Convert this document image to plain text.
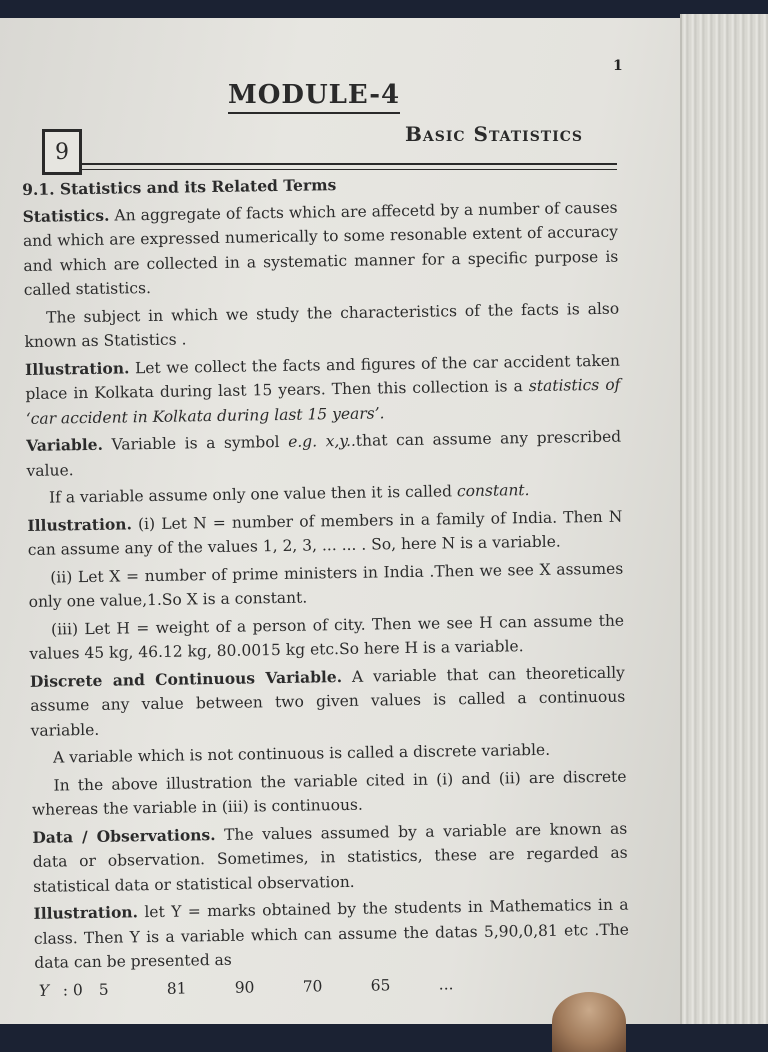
1
MODULE-4
9
Basic Statistics

9.1. Statistics and its Related Terms

Statistics. An aggregate of facts which are affecetd by a number of causes and which are expressed numerically to some resonable extent of accuracy and which are collected in a systematic manner for a specific purpose is called statistics.

The subject in which we study the characteristics of the facts is also known as Statistics .

Illustration. Let we collect the facts and figures of the car accident taken place in Kolkata during last 15 years. Then this collection is a statistics of ‘car accident in Kolkata during last 15 years’.

Variable. Variable is a symbol e.g. x,y..that can assume any prescribed value.

If a variable assume only one value then it is called constant.

Illustration. (i) Let N = number of members in a family of India. Then N can assume any of the values 1, 2, 3, ... ... . So, here N is a variable.

(ii) Let X = number of prime ministers in India .Then we see X assumes only one value,1.So X is a constant.

(iii) Let H = weight of a person of city. Then we see H can assume the values 45 kg, 46.12 kg, 80.0015 kg etc.So here H is a variable.

Discrete and Continuous Variable. A variable that can theoretically assume any value between two given values is called a continuous variable.

A variable which is not continuous is called a discrete variable.

In the above illustration the variable cited in (i) and (ii) are discrete whereas the variable in (iii) is continuous.

Data / Observations. The values assumed by a variable are known as data or observation. Sometimes, in statistics, these are regarded as statistical data or statistical observation.

Illustration. let Y = marks obtained by the students in Mathematics in a class. Then Y is a variable which can assume the datas 5,90,0,81 etc .The data can be presented as

Y : 0	5	81	90	70	65	...
